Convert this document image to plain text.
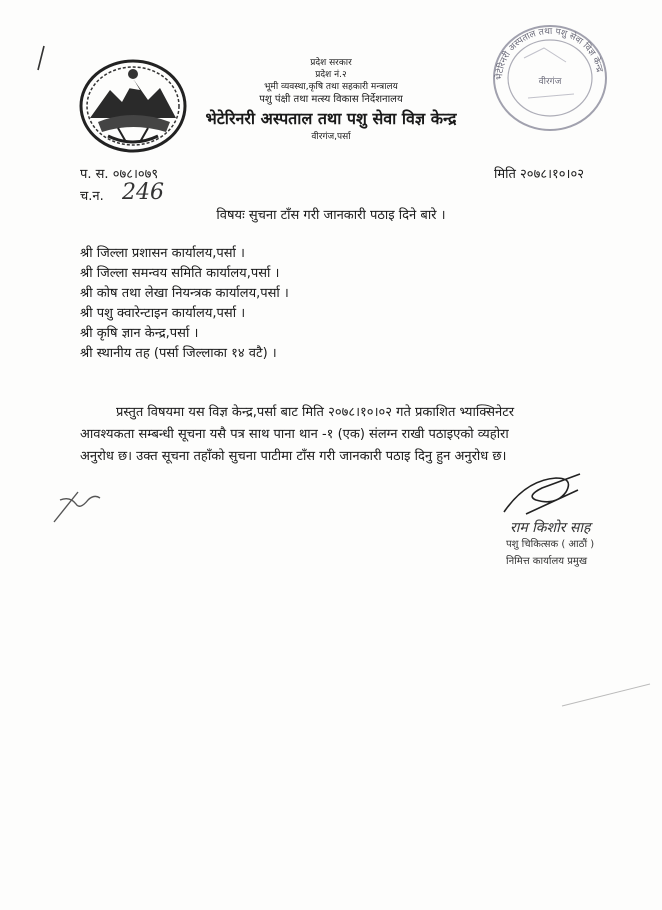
प्रदेश सरकार
प्रदेश नं.२
भूमी व्यवस्था,कृषि तथा सहकारी मन्त्रालय
पशु पंक्षी तथा मत्स्य विकास निर्देशनालय
भेटेरिनरी अस्पताल तथा पशु सेवा विज्ञ केन्द्र
वीरगंज,पर्सा
भेटेरिनरी अस्पताल तथा पशु सेवा विज्ञ केन्द्र
वीरगंज
प. स. ०७८।०७९
च.न. 246
मिति २०७८।१०।०२
विषयः सुचना टाँस गरी जानकारी पठाइ दिने बारे ।
श्री जिल्ला प्रशासन कार्यालय,पर्सा ।
श्री जिल्ला समन्वय समिति कार्यालय,पर्सा ।
श्री कोष तथा लेखा नियन्त्रक कार्यालय,पर्सा ।
श्री पशु क्वारेन्टाइन कार्यालय,पर्सा ।
श्री कृषि ज्ञान केन्द्र,पर्सा ।
श्री स्थानीय तह (पर्सा जिल्लाका १४ वटै) ।
प्रस्तुत विषयमा यस विज्ञ केन्द्र,पर्सा बाट मिति २०७८।१०।०२ गते प्रकाशित भ्याक्सिनेटर
आवश्यकता सम्बन्धी सूचना यसै पत्र साथ पाना थान -१ (एक) संलग्न राखी पठाइएको व्यहोरा
अनुरोध छ। उक्त सूचना तहाँको सुचना पाटीमा टाँस गरी जानकारी पठाइ दिनु हुन अनुरोध छ।
राम किशोर साह
पशु चिकित्सक ( आठौं )
निमित्त कार्यालय प्रमुख
